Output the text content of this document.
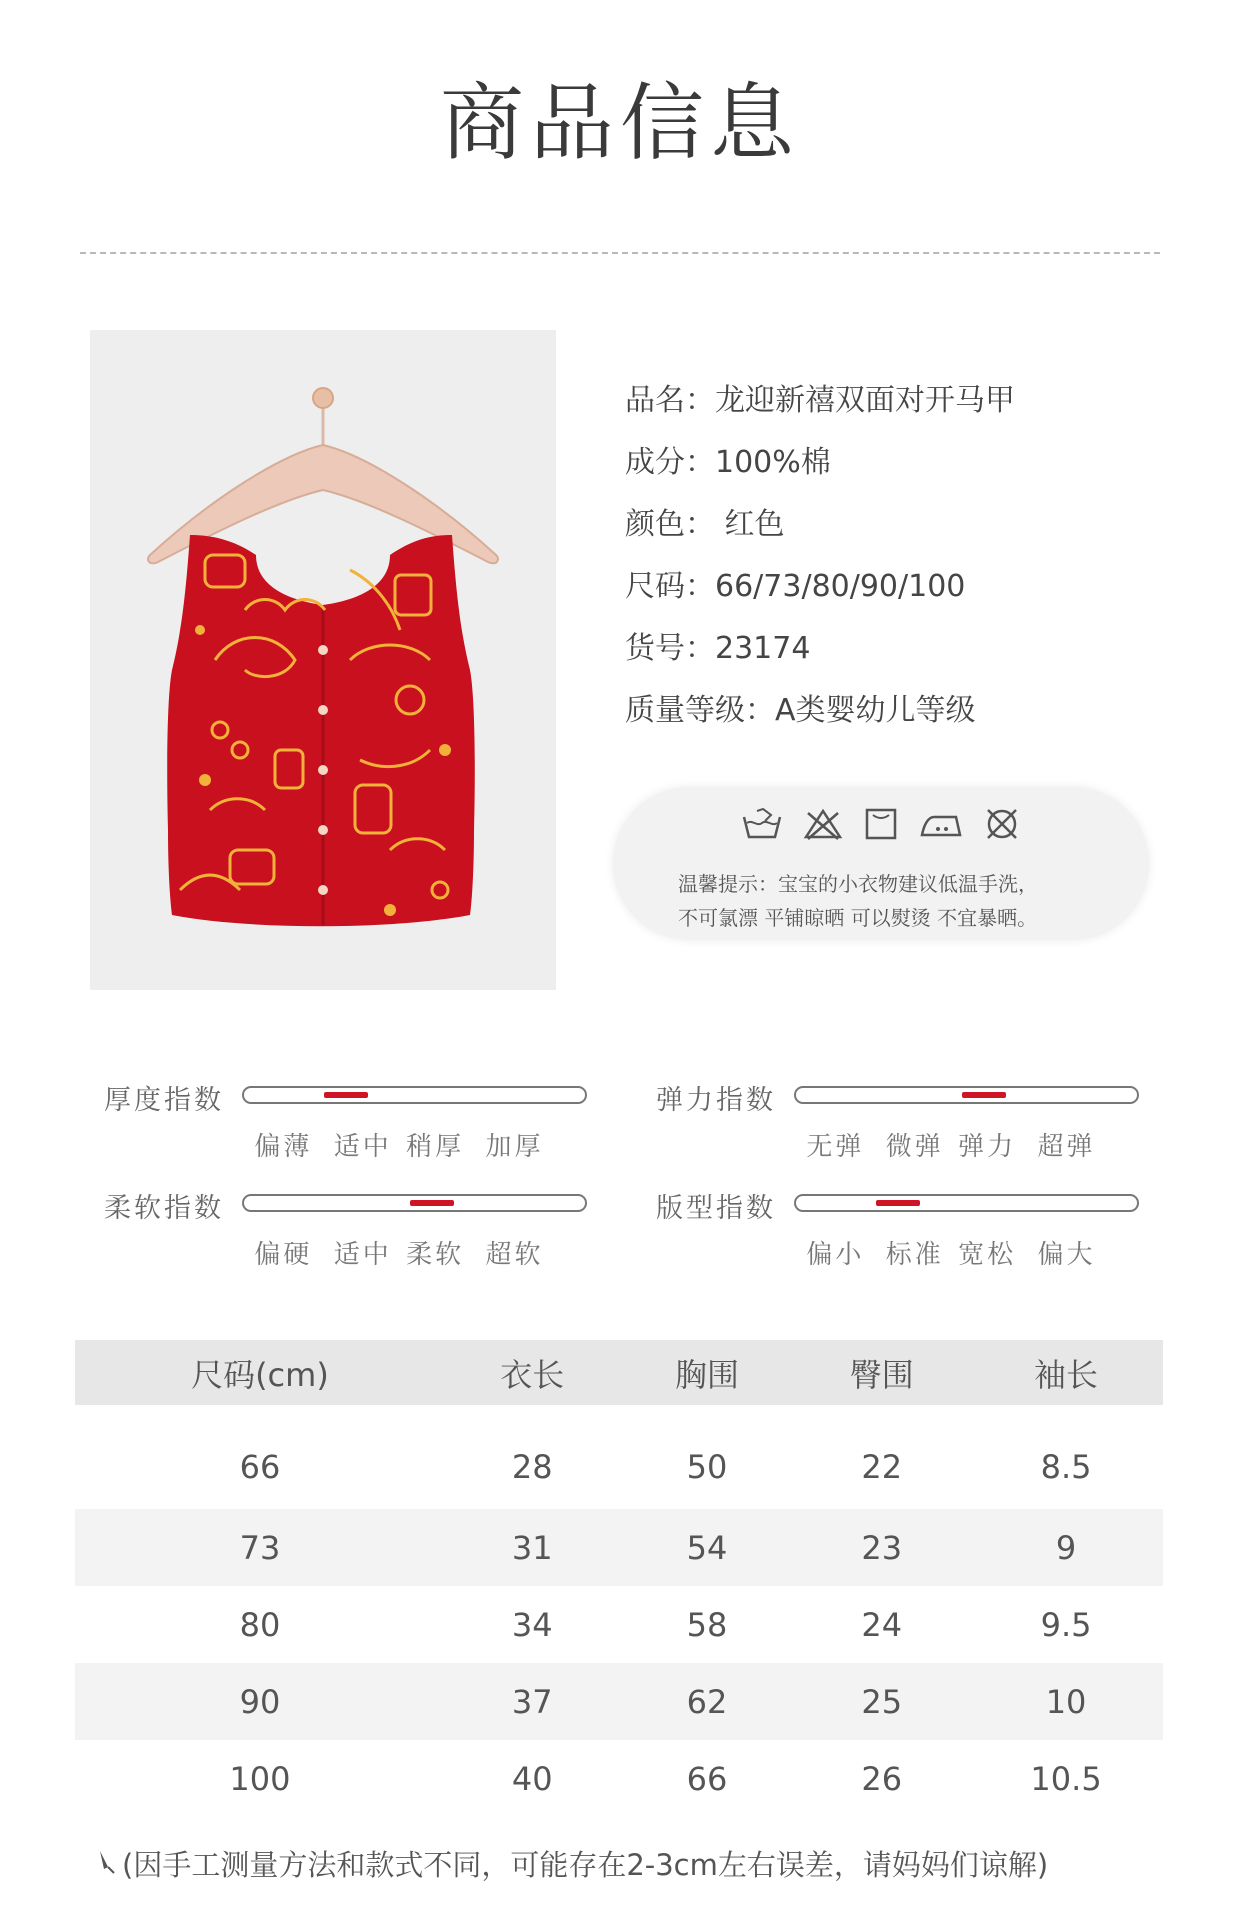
商品信息
品名：龙迎新禧双面对开马甲
成分：100%棉
颜色： 红色
尺码：66/73/80/90/100
货号：23174
质量等级：A类婴幼儿等级

温馨提示：宝宝的小衣物建议低温手洗，
不可氯漂 平铺晾晒 可以熨烫 不宜暴晒。
厚度指数
偏薄 适中 稍厚 加厚
弹力指数
无弹 微弹 弹力 超弹
柔软指数
偏硬 适中 柔软 超软
版型指数
偏小 标准 宽松 偏大
尺码(cm)	衣长	胸围	臀围	袖长
66	28	50	22	8.5
73	31	54	23	9
80	34	58	24	9.5
90	37	62	25	10
100	40	66	26	10.5
(因手工测量方法和款式不同，可能存在2-3cm左右误差，请妈妈们谅解)
